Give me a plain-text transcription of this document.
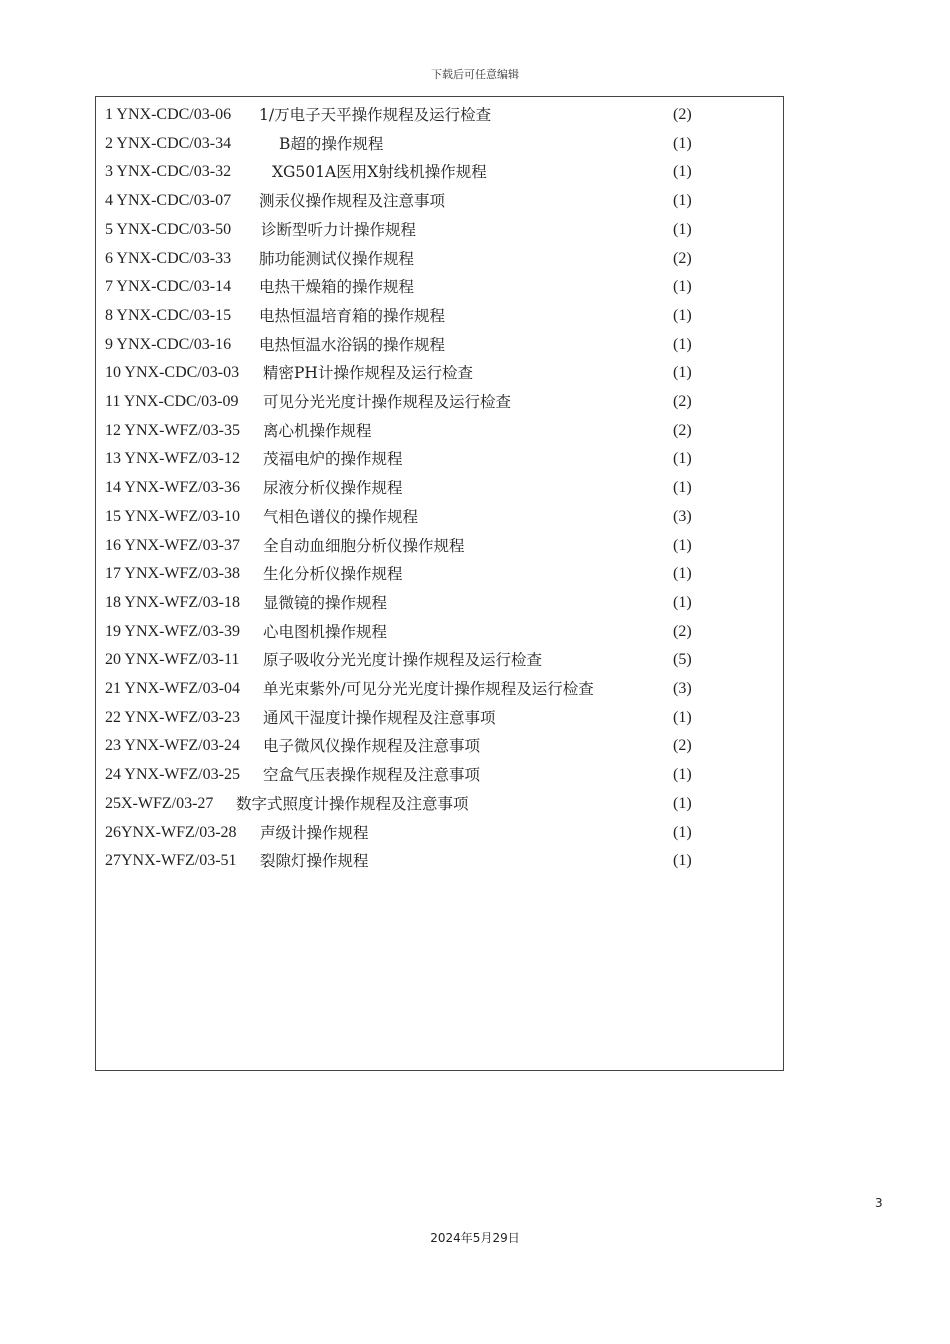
下载后可任意编辑
1 YNX-CDC/03-06 1/万电子天平操作规程及运行检查	(2)
2 YNX-CDC/03-34	B超的操作规程	(1)
3 YNX-CDC/03-32	XG501A医用X射线机操作规程	(1)
4 YNX-CDC/03-07 测汞仪操作规程及注意事项	(1)
5 YNX-CDC/03-50 诊断型听力计操作规程	(1)
6 YNX-CDC/03-33 肺功能测试仪操作规程	(2)
7 YNX-CDC/03-14 电热干燥箱的操作规程	(1)
8 YNX-CDC/03-15 电热恒温培育箱的操作规程	(1)
9 YNX-CDC/03-16 电热恒温水浴锅的操作规程	(1)
10 YNX-CDC/03-03 精密PH计操作规程及运行检查	(1)
11 YNX-CDC/03-09 可见分光光度计操作规程及运行检查	(2)
12 YNX-WFZ/03-35 离心机操作规程	(2)
13 YNX-WFZ/03-12 茂福电炉的操作规程	(1)
14 YNX-WFZ/03-36 尿液分析仪操作规程	(1)
15 YNX-WFZ/03-10 气相色谱仪的操作规程	(3)
16 YNX-WFZ/03-37 全自动血细胞分析仪操作规程	(1)
17 YNX-WFZ/03-38 生化分析仪操作规程	(1)
18 YNX-WFZ/03-18 显微镜的操作规程	(1)
19 YNX-WFZ/03-39 心电图机操作规程	(2)
20 YNX-WFZ/03-11 原子吸收分光光度计操作规程及运行检查	(5)
21 YNX-WFZ/03-04 单光束紫外/可见分光光度计操作规程及运行检查	(3)
22 YNX-WFZ/03-23 通风干湿度计操作规程及注意事项	(1)
23 YNX-WFZ/03-24 电子微风仪操作规程及注意事项	(2)
24 YNX-WFZ/03-25 空盒气压表操作规程及注意事项	(1)
25X-WFZ/03-27 数字式照度计操作规程及注意事项	(1)
26YNX-WFZ/03-28 声级计操作规程	(1)
27YNX-WFZ/03-51 裂隙灯操作规程	(1)
3
2024年5月29日
